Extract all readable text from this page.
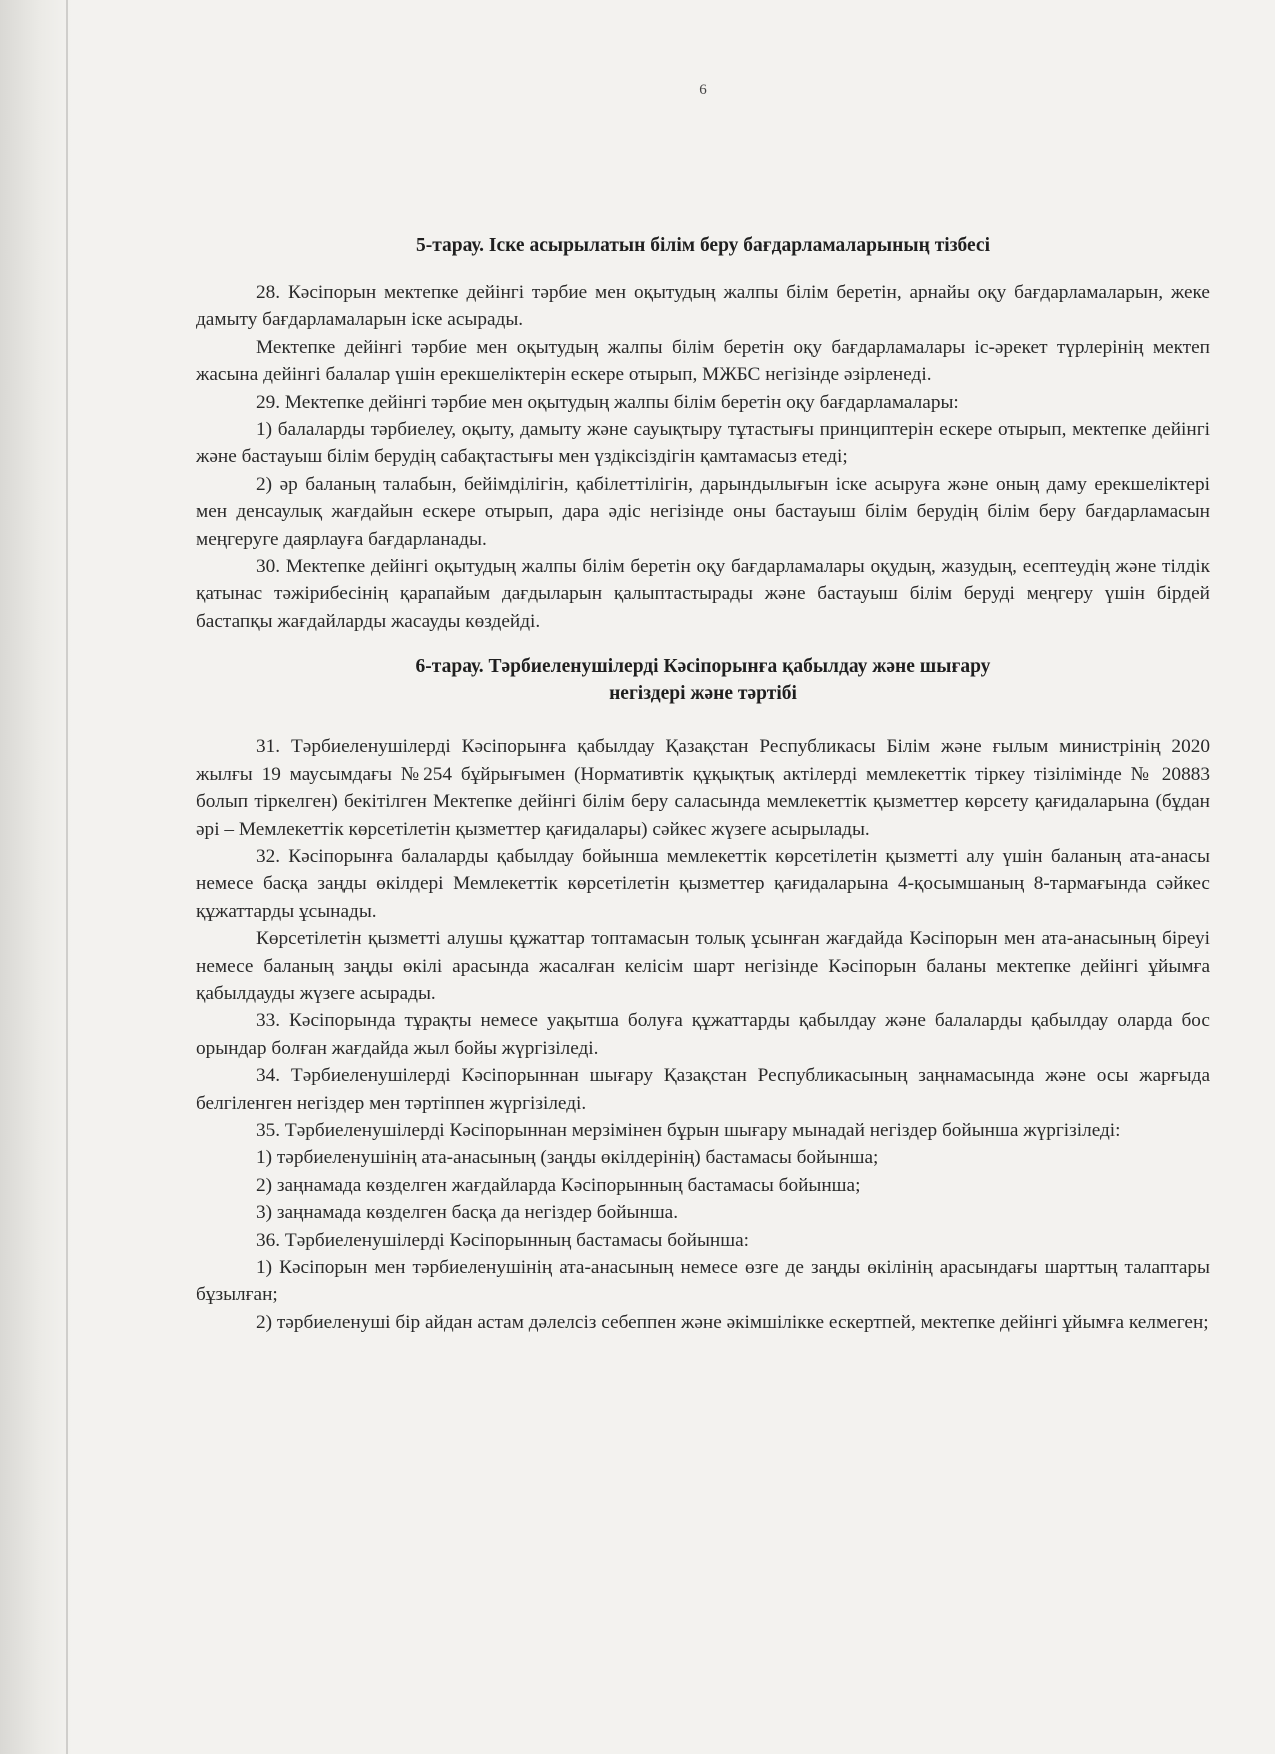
6
5-тарау. Іске асырылатын білім беру бағдарламаларының тізбесі

28. Кәсіпорын мектепке дейінгі тәрбие мен оқытудың жалпы білім беретін, арнайы оқу бағдарламаларын, жеке дамыту бағдарламаларын іске асырады.

Мектепке дейінгі тәрбие мен оқытудың жалпы білім беретін оқу бағдарламалары іс-әрекет түрлерінің мектеп жасына дейінгі балалар үшін ерекшеліктерін ескере отырып, МЖБС негізінде әзірленеді.

29. Мектепке дейінгі тәрбие мен оқытудың жалпы білім беретін оқу бағдарламалары:

1) балаларды тәрбиелеу, оқыту, дамыту және сауықтыру тұтастығы принциптерін ескере отырып, мектепке дейінгі және бастауыш білім берудің сабақтастығы мен үздіксіздігін қамтамасыз етеді;

2) әр баланың талабын, бейімділігін, қабілеттілігін, дарындылығын іске асыруға және оның даму ерекшеліктері мен денсаулық жағдайын ескере отырып, дара әдіс негізінде оны бастауыш білім берудің білім беру бағдарламасын меңгеруге даярлауға бағдарланады.

30. Мектепке дейінгі оқытудың жалпы білім беретін оқу бағдарламалары оқудың, жазудың, есептеудің және тілдік қатынас тәжірибесінің қарапайым дағдыларын қалыптастырады және бастауыш білім беруді меңгеру үшін бірдей бастапқы жағдайларды жасауды көздейді.

6-тарау. Тәрбиеленушілерді Кәсіпорынға қабылдау және шығару
негіздері және тәртібі

31. Тәрбиеленушілерді Кәсіпорынға қабылдау Қазақстан Республикасы Білім және ғылым министрінің 2020 жылғы 19 маусымдағы №254 бұйрығымен (Нормативтік құқықтық актілерді мемлекеттік тіркеу тізілімінде № 20883 болып тіркелген) бекітілген Мектепке дейінгі білім беру саласында мемлекеттік қызметтер көрсету қағидаларына (бұдан әрі – Мемлекеттік көрсетілетін қызметтер қағидалары) сәйкес жүзеге асырылады.

32. Кәсіпорынға балаларды қабылдау бойынша мемлекеттік көрсетілетін қызметті алу үшін баланың ата-анасы немесе басқа заңды өкілдері Мемлекеттік көрсетілетін қызметтер қағидаларына 4-қосымшаның 8-тармағында сәйкес құжаттарды ұсынады.

Көрсетілетін қызметті алушы құжаттар топтамасын толық ұсынған жағдайда Кәсіпорын мен ата-анасының біреуі немесе баланың заңды өкілі арасында жасалған келісім шарт негізінде Кәсіпорын баланы мектепке дейінгі ұйымға қабылдауды жүзеге асырады.

33. Кәсіпорында тұрақты немесе уақытша болуға құжаттарды қабылдау және балаларды қабылдау оларда бос орындар болған жағдайда жыл бойы жүргізіледі.

34. Тәрбиеленушілерді Кәсіпорыннан шығару Қазақстан Республикасының заңнамасында және осы жарғыда белгіленген негіздер мен тәртіппен жүргізіледі.

35. Тәрбиеленушілерді Кәсіпорыннан мерзімінен бұрын шығару мынадай негіздер бойынша жүргізіледі:

1) тәрбиеленушінің ата-анасының (заңды өкілдерінің) бастамасы бойынша;

2) заңнамада көзделген жағдайларда Кәсіпорынның бастамасы бойынша;

3) заңнамада көзделген басқа да негіздер бойынша.

36. Тәрбиеленушілерді Кәсіпорынның бастамасы бойынша:

1) Кәсіпорын мен тәрбиеленушінің ата-анасының немесе өзге де заңды өкілінің арасындағы шарттың талаптары бұзылған;

2) тәрбиеленуші бір айдан астам дәлелсіз себеппен және әкімшілікке ескертпей, мектепке дейінгі ұйымға келмеген;
